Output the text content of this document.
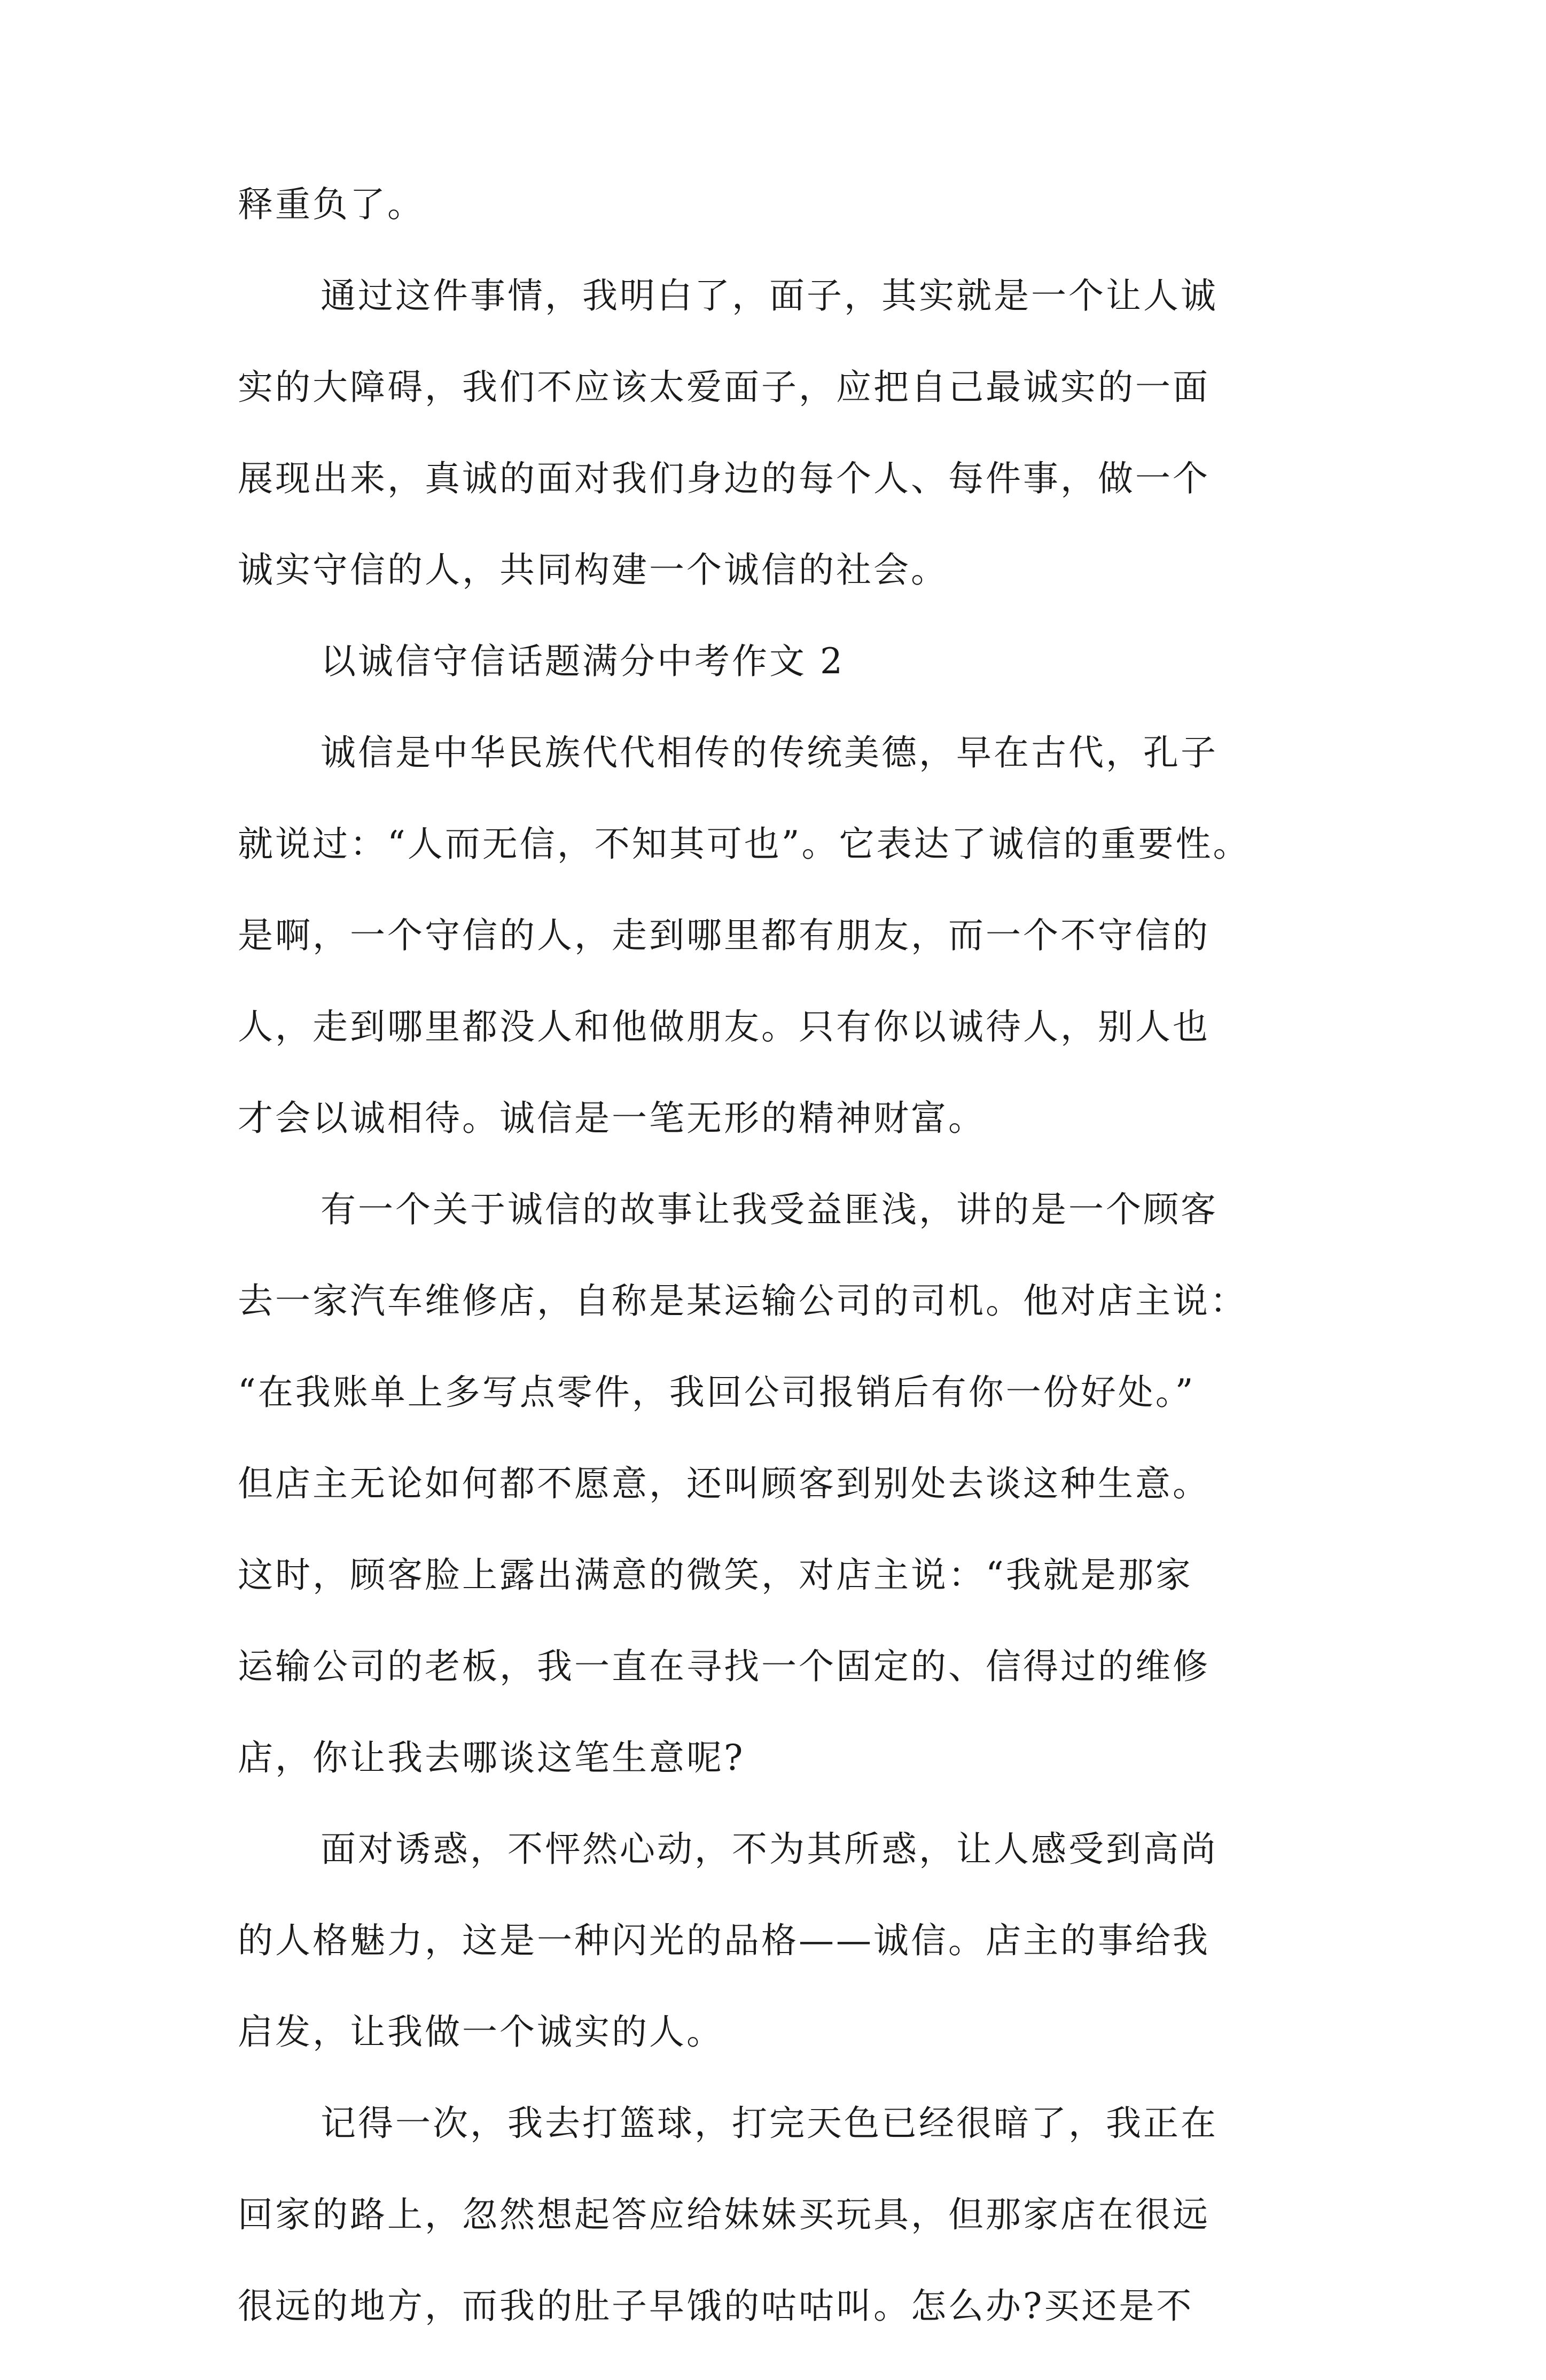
释重负了。
通过这件事情，我明白了，面子，其实就是一个让人诚
实的大障碍，我们不应该太爱面子，应把自己最诚实的一面
展现出来，真诚的面对我们身边的每个人、每件事，做一个
诚实守信的人，共同构建一个诚信的社会。
以诚信守信话题满分中考作文 2
诚信是中华民族代代相传的传统美德，早在古代，孔子
就说过：“人而无信，不知其可也”。它表达了诚信的重要性。
是啊，一个守信的人，走到哪里都有朋友，而一个不守信的
人，走到哪里都没人和他做朋友。只有你以诚待人，别人也
才会以诚相待。诚信是一笔无形的精神财富。
有一个关于诚信的故事让我受益匪浅，讲的是一个顾客
去一家汽车维修店，自称是某运输公司的司机。他对店主说：
“在我账单上多写点零件，我回公司报销后有你一份好处。”
但店主无论如何都不愿意，还叫顾客到别处去谈这种生意。
这时，顾客脸上露出满意的微笑，对店主说：“我就是那家
运输公司的老板，我一直在寻找一个固定的、信得过的维修
店，你让我去哪谈这笔生意呢?
面对诱惑，不怦然心动，不为其所惑，让人感受到高尚
的人格魅力，这是一种闪光的品格——诚信。店主的事给我
启发，让我做一个诚实的人。
记得一次，我去打篮球，打完天色已经很暗了，我正在
回家的路上，忽然想起答应给妹妹买玩具，但那家店在很远
很远的地方，而我的肚子早饿的咕咕叫。怎么办?买还是不
